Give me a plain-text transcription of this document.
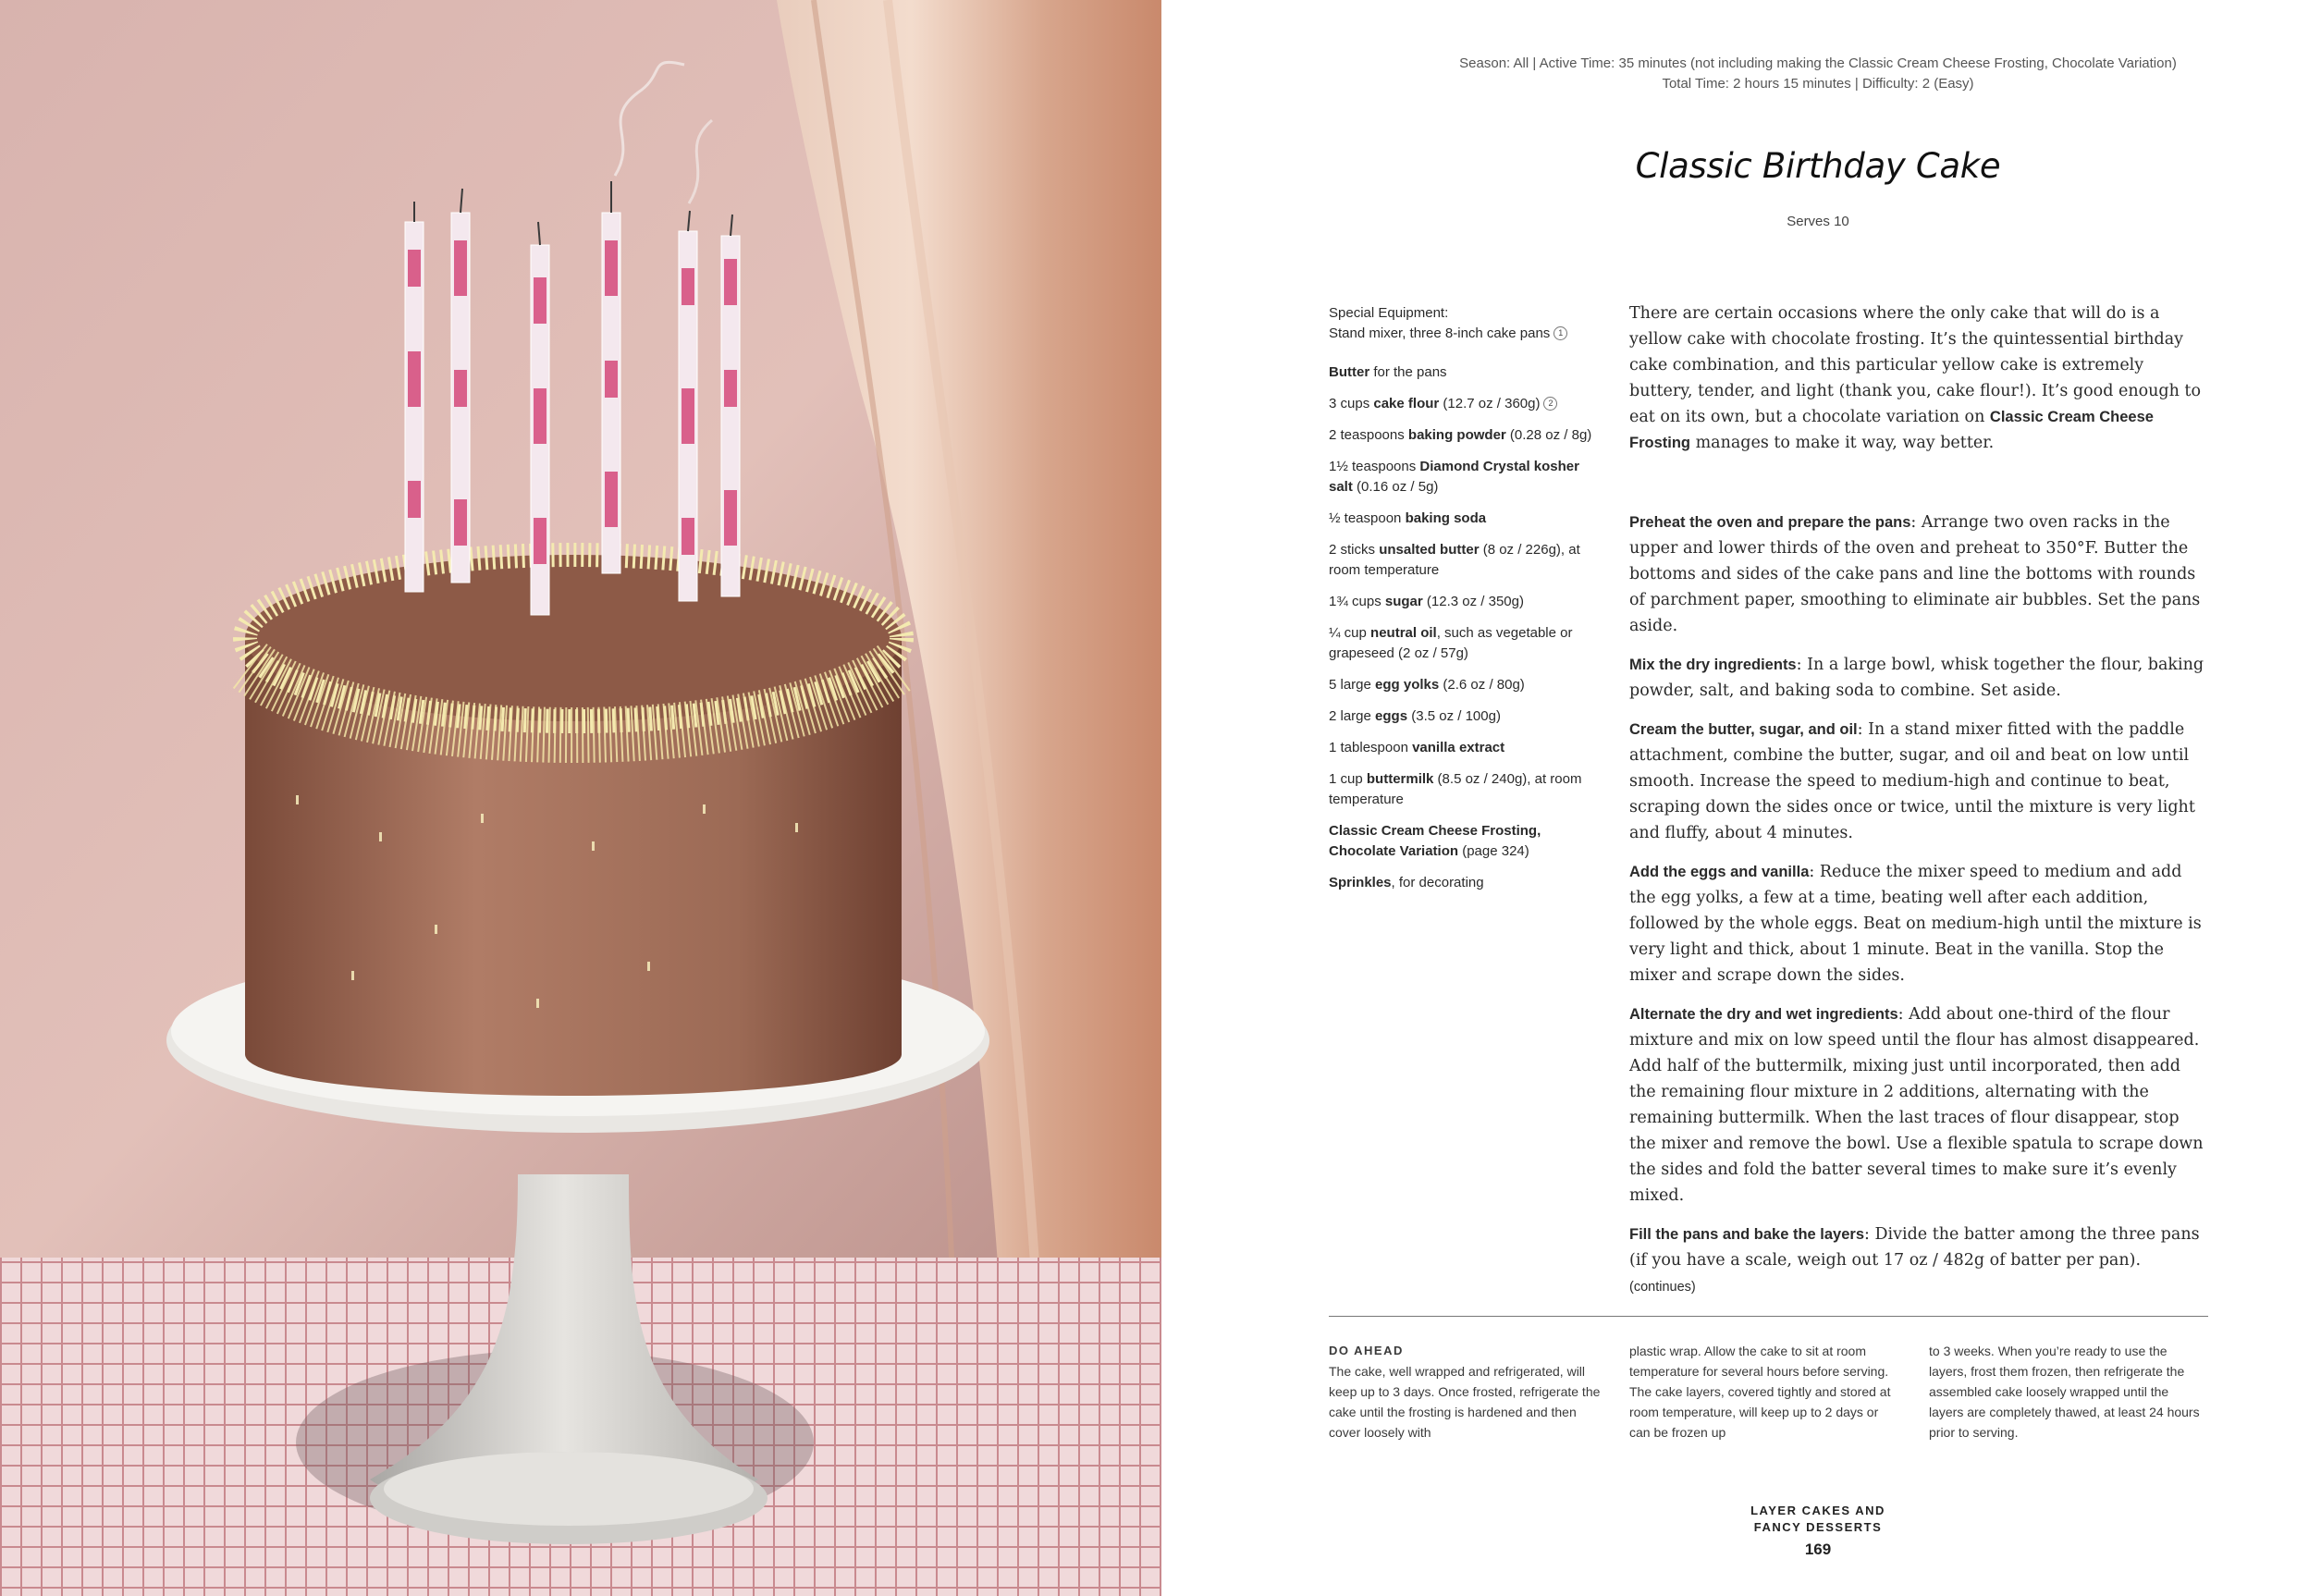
Season: All | Active Time: 35 minutes (not including making the Classic Cream Cheese Frosting, Chocolate Variation)
Total Time: 2 hours 15 minutes | Difficulty: 2 (Easy)
Classic Birthday Cake
Serves 10
Special Equipment:
Stand mixer, three 8-inch cake pans 1
Butter for the pans
3 cups cake flour (12.7 oz / 360g) 2
2 teaspoons baking powder (0.28 oz / 8g)
1½ teaspoons Diamond Crystal kosher salt (0.16 oz / 5g)
½ teaspoon baking soda
2 sticks unsalted butter (8 oz / 226g), at room temperature
1¾ cups sugar (12.3 oz / 350g)
¼ cup neutral oil, such as vegetable or grapeseed (2 oz / 57g)
5 large egg yolks (2.6 oz / 80g)
2 large eggs (3.5 oz / 100g)
1 tablespoon vanilla extract
1 cup buttermilk (8.5 oz / 240g), at room temperature
Classic Cream Cheese Frosting, Chocolate Variation (page 324)
Sprinkles, for decorating

There are certain occasions where the only cake that will do is a yellow cake with chocolate frosting. It’s the quintessential birthday cake combination, and this particular yellow cake is extremely buttery, tender, and light (thank you, cake flour!). It’s good enough to eat on its own, but a chocolate variation on Classic Cream Cheese Frosting manages to make it way, way better.

Preheat the oven and prepare the pans: Arrange two oven racks in the upper and lower thirds of the oven and preheat to 350°F. Butter the bottoms and sides of the cake pans and line the bottoms with rounds of parchment paper, smoothing to eliminate air bubbles. Set the pans aside.

Mix the dry ingredients: In a large bowl, whisk together the flour, baking powder, salt, and baking soda to combine. Set aside.

Cream the butter, sugar, and oil: In a stand mixer fitted with the paddle attachment, combine the butter, sugar, and oil and beat on low until smooth. Increase the speed to medium-high and continue to beat, scraping down the sides once or twice, until the mixture is very light and fluffy, about 4 minutes.

Add the eggs and vanilla: Reduce the mixer speed to medium and add the egg yolks, a few at a time, beating well after each addition, followed by the whole eggs. Beat on medium-high until the mixture is very light and thick, about 1 minute. Beat in the vanilla. Stop the mixer and scrape down the sides.

Alternate the dry and wet ingredients: Add about one-third of the flour mixture and mix on low speed until the flour has almost disappeared. Add half of the buttermilk, mixing just until incorporated, then add the remaining flour mixture in 2 additions, alternating with the remaining buttermilk. When the last traces of flour disappear, stop the mixer and remove the bowl. Use a flexible spatula to scrape down the sides and fold the batter several times to make sure it’s evenly mixed.

Fill the pans and bake the layers: Divide the batter among the three pans (if you have a scale, weigh out 17 oz / 482g of batter per pan). (continues)

DO AHEAD
The cake, well wrapped and refrigerated, will keep up to 3 days. Once frosted, refrigerate the cake until the frosting is hardened and then cover loosely with
plastic wrap. Allow the cake to sit at room temperature for several hours before serving. The cake layers, covered tightly and stored at room temperature, will keep up to 2 days or can be frozen up
to 3 weeks. When you’re ready to use the layers, frost them frozen, then refrigerate the assembled cake loosely wrapped until the layers are completely thawed, at least 24 hours prior to serving.
LAYER CAKES AND
FANCY DESSERTS
169
